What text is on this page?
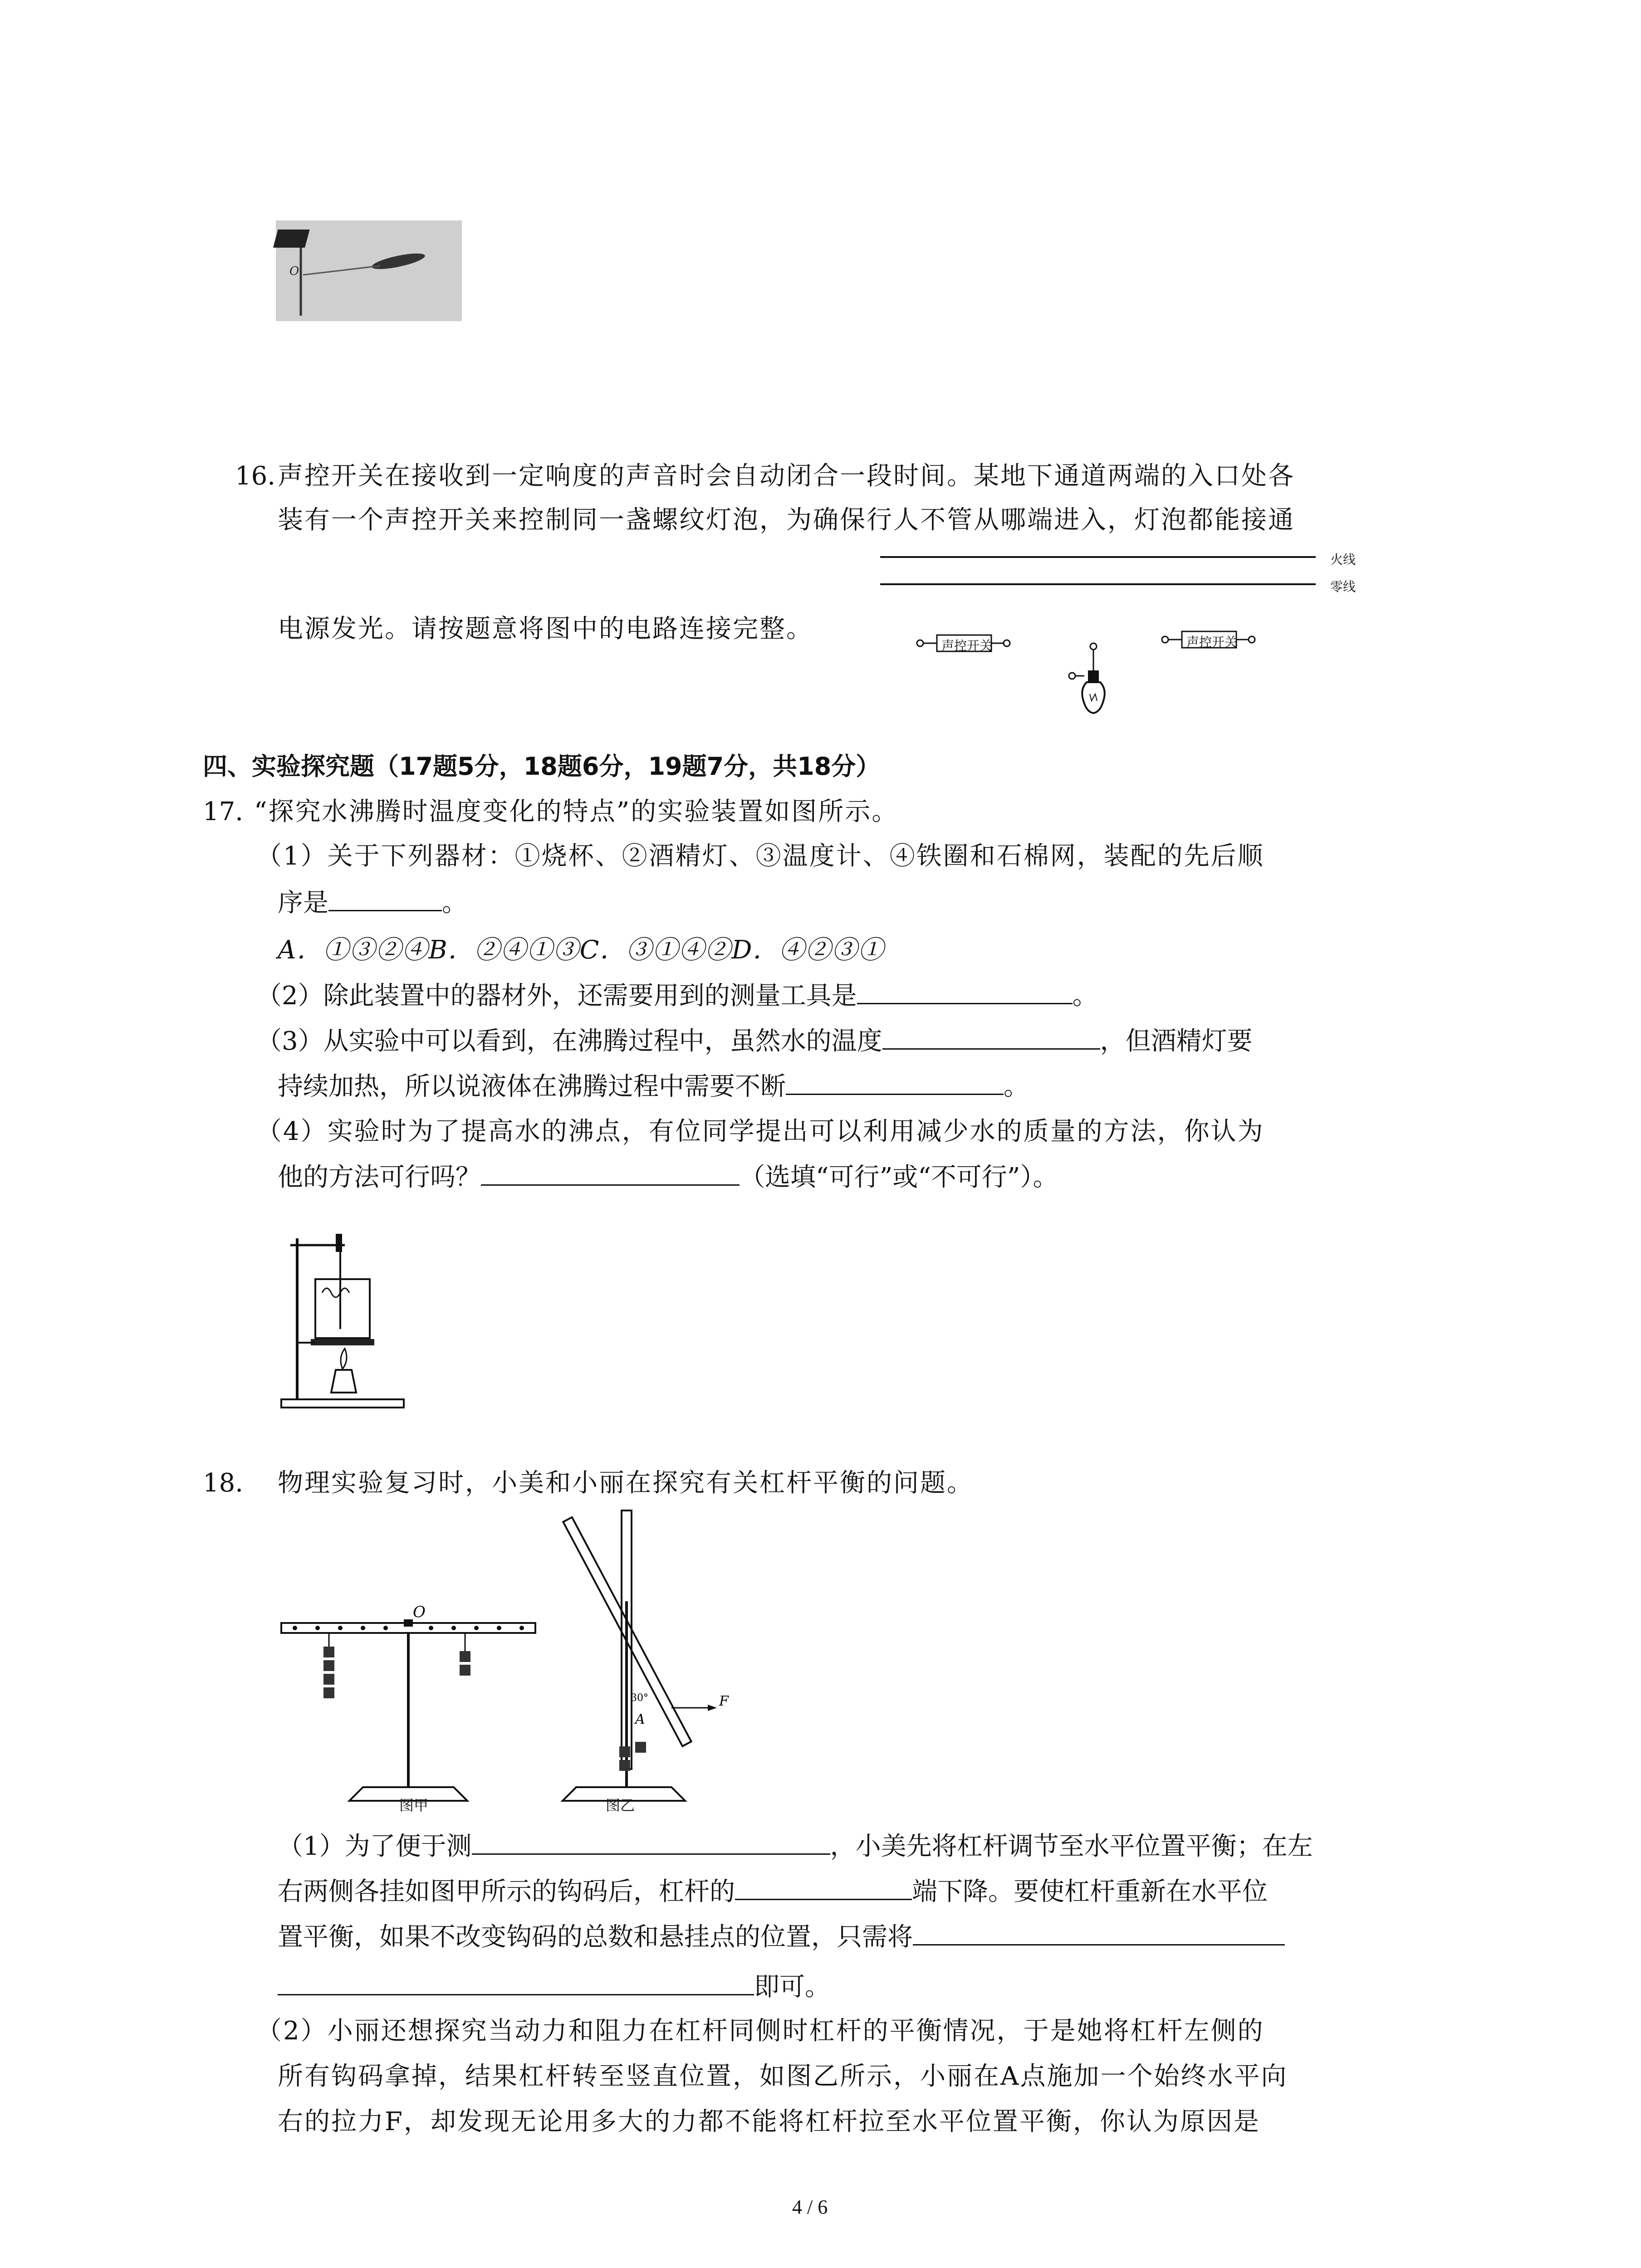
O
16. 声控开关在接收到一定响度的声音时会自动闭合一段时间。某地下通道两端的入口处各
装有一个声控开关来控制同一盏螺纹灯泡，为确保行人不管从哪端进入，灯泡都能接通
电源发光。请按题意将图中的电路连接完整。
火线
零线
声控开关	声控开关
四、实验探究题（17题5分，18题6分，19题7分，共18分）
17. “探究水沸腾时温度变化的特点”的实验装置如图所示。
（1）关于下列器材：①烧杯、②酒精灯、③温度计、④铁圈和石棉网，装配的先后顺
序是	。
A．①③②④B．②④①③C．③①④②D．④②③①
（2）除此装置中的器材外，还需要用到的测量工具是	。
（3）从实验中可以看到，在沸腾过程中，虽然水的温度	，但酒精灯要
持续加热，所以说液体在沸腾过程中需要不断	。
（4）实验时为了提高水的沸点，有位同学提出可以利用减少水的质量的方法，你认为
他的方法可行吗？	（选填“可行”或“不可行”）。
18. 物理实验复习时，小美和小丽在探究有关杠杆平衡的问题。
O
A
F
30°
图甲	图乙
（1）为了便于测	，小美先将杠杆调节至水平位置平衡；在左
右两侧各挂如图甲所示的钩码后，杠杆的	端下降。要使杠杆重新在水平位
置平衡，如果不改变钩码的总数和悬挂点的位置，只需将
即可。
（2）小丽还想探究当动力和阻力在杠杆同侧时杠杆的平衡情况，于是她将杠杆左侧的
所有钩码拿掉，结果杠杆转至竖直位置，如图乙所示，小丽在A点施加一个始终水平向
右的拉力F，却发现无论用多大的力都不能将杠杆拉至水平位置平衡，你认为原因是
4 / 6
